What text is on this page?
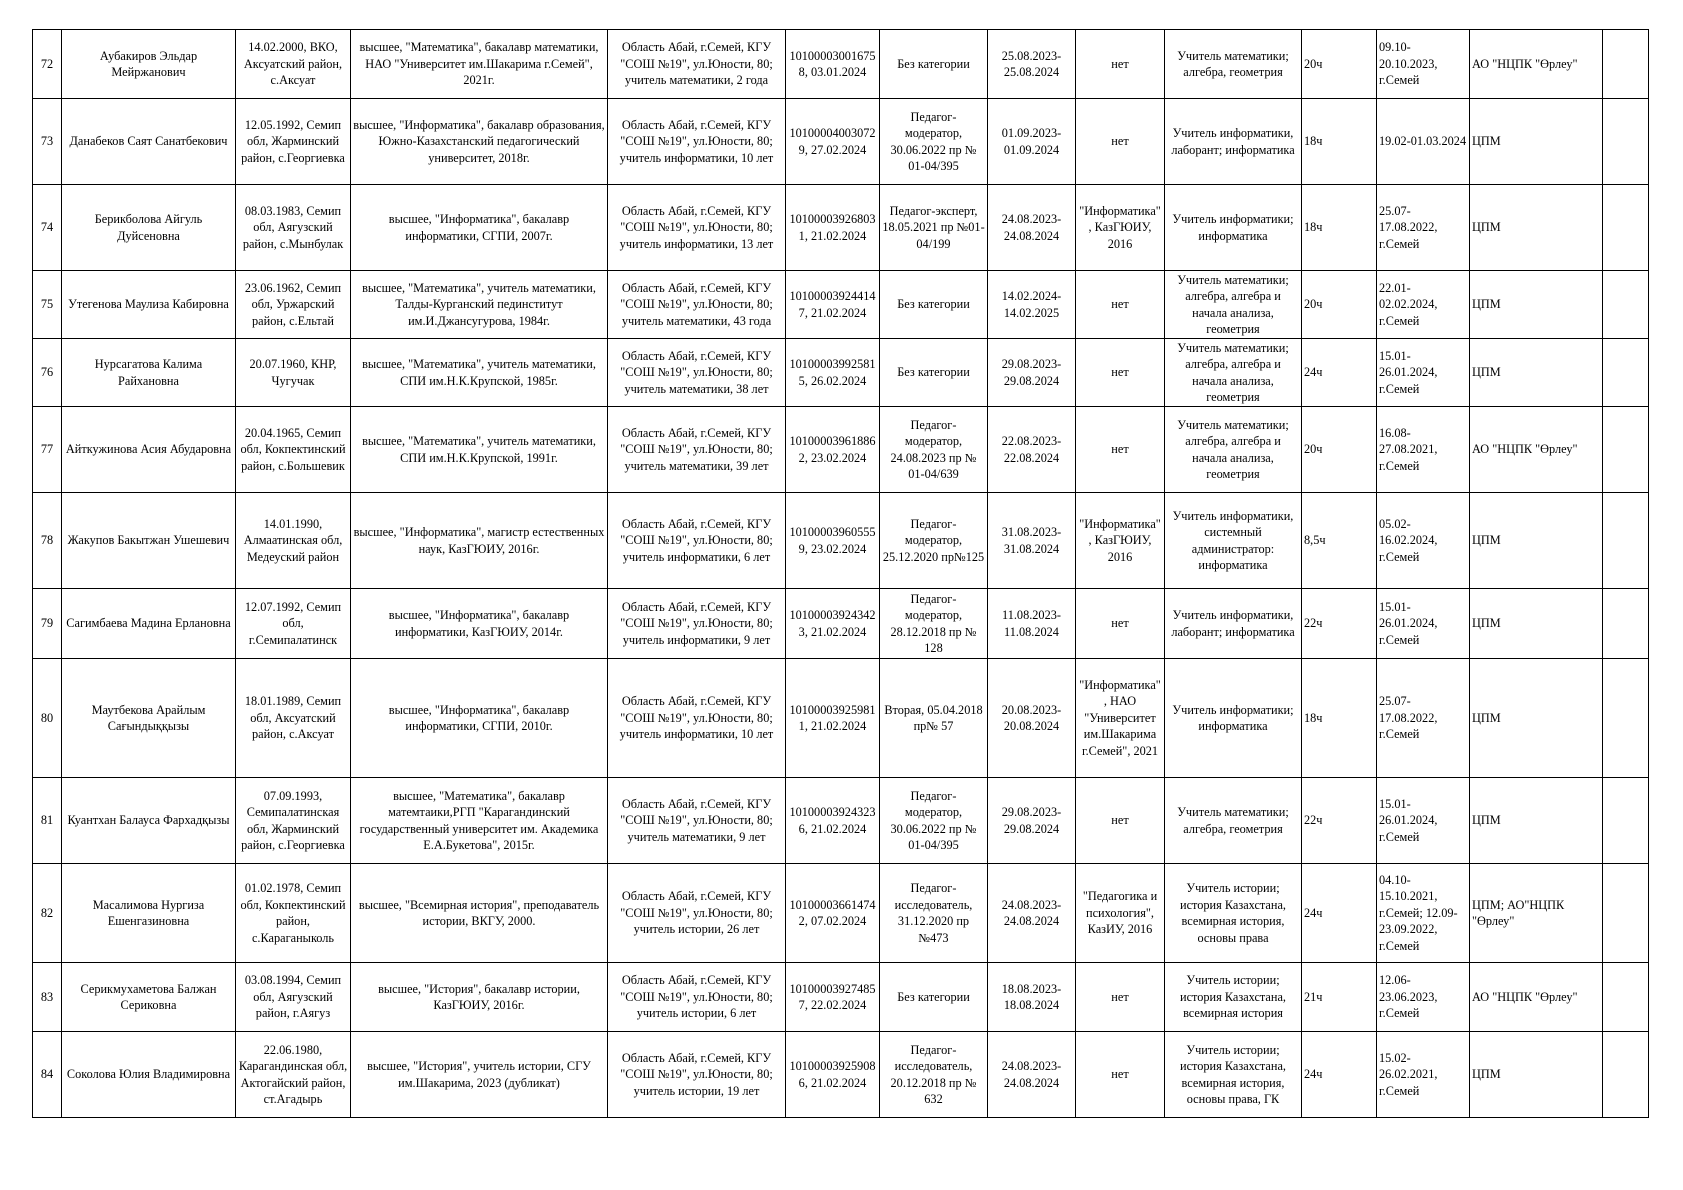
72	Аубакиров Эльдар Мейржанович	14.02.2000, ВКО, Аксуатский район, с.Аксуат	высшее, "Математика", бакалавр математики, НАО "Университет им.Шакарима г.Семей", 2021г.	Область Абай, г.Семей, КГУ "СОШ №19", ул.Юности, 80; учитель математики, 2 года	101000030016758, 03.01.2024	Без категории	25.08.2023-25.08.2024	нет	Учитель математики; алгебра, геометрия	20ч	09.10-20.10.2023, г.Семей	АО "НЦПК "Өрлеу"	
73	Данабеков Саят Санатбекович	12.05.1992, Семип обл, Жарминский район, с.Георгиевка	высшее, "Информатика", бакалавр образования, Южно-Казахстанский педагогический университет, 2018г.	Область Абай, г.Семей, КГУ "СОШ №19", ул.Юности, 80; учитель информатики, 10 лет	101000040030729, 27.02.2024	Педагог-модератор, 30.06.2022 пр № 01-04/395	01.09.2023-01.09.2024	нет	Учитель информатики, лаборант; информатика	18ч	19.02-01.03.2024	ЦПМ	
74	Берикболова Айгуль Дуйсеновна	08.03.1983, Семип обл, Аягузский район, с.Мынбулак	высшее, "Информатика", бакалавр информатики, СГПИ, 2007г.	Область Абай, г.Семей, КГУ "СОШ №19", ул.Юности, 80; учитель информатики, 13 лет	101000039268031, 21.02.2024	Педагог-эксперт, 18.05.2021 пр №01-04/199	24.08.2023-24.08.2024	"Информатика", КазГЮИУ, 2016	Учитель информатики; информатика	18ч	25.07-17.08.2022, г.Семей	ЦПМ	
75	Утегенова Маулиза Кабировна	23.06.1962, Семип обл, Уржарский район, с.Ельтай	высшее, "Математика", учитель математики, Талды-Курганский пединститут им.И.Джансугурова, 1984г.	Область Абай, г.Семей, КГУ "СОШ №19", ул.Юности, 80; учитель математики, 43 года	101000039244147, 21.02.2024	Без категории	14.02.2024-14.02.2025	нет	Учитель математики; алгебра, алгебра и начала анализа, геометрия	20ч	22.01-02.02.2024, г.Семей	ЦПМ	
76	Нурсагатова Калима Райхановна	20.07.1960, КНР, Чугучак	высшее, "Математика", учитель математики, СПИ им.Н.К.Крупской, 1985г.	Область Абай, г.Семей, КГУ "СОШ №19", ул.Юности, 80; учитель математики, 38 лет	101000039925815, 26.02.2024	Без категории	29.08.2023-29.08.2024	нет	Учитель математики; алгебра, алгебра и начала анализа, геометрия	24ч	15.01-26.01.2024, г.Семей	ЦПМ	
77	Айткужинова Асия Абударовна	20.04.1965, Семип обл, Кокпектинский район, с.Большевик	высшее, "Математика", учитель математики, СПИ им.Н.К.Крупской, 1991г.	Область Абай, г.Семей, КГУ "СОШ №19", ул.Юности, 80; учитель математики, 39 лет	101000039618862, 23.02.2024	Педагог-модератор, 24.08.2023 пр № 01-04/639	22.08.2023-22.08.2024	нет	Учитель математики; алгебра, алгебра и начала анализа, геометрия	20ч	16.08-27.08.2021, г.Семей	АО "НЦПК "Өрлеу"	
78	Жакупов Бакытжан Ушешевич	14.01.1990, Алмаатинская обл, Медеуский район	высшее, "Информатика", магистр естественных наук, КазГЮИУ, 2016г.	Область Абай, г.Семей, КГУ "СОШ №19", ул.Юности, 80; учитель информатики, 6 лет	101000039605559, 23.02.2024	Педагог-модератор, 25.12.2020 пр№125	31.08.2023-31.08.2024	"Информатика", КазГЮИУ, 2016	Учитель информатики, системный администратор: информатика	8,5ч	05.02-16.02.2024, г.Семей	ЦПМ	
79	Сагимбаева Мадина Ерлановна	12.07.1992, Семип обл, г.Семипалатинск	высшее, "Информатика", бакалавр информатики, КазГЮИУ, 2014г.	Область Абай, г.Семей, КГУ "СОШ №19", ул.Юности, 80; учитель информатики, 9 лет	101000039243423, 21.02.2024	Педагог-модератор, 28.12.2018 пр № 128	11.08.2023-11.08.2024	нет	Учитель информатики, лаборант; информатика	22ч	15.01-26.01.2024, г.Семей	ЦПМ	
80	Маутбекова Арайлым Сағындыққызы	18.01.1989, Семип обл, Аксуатский район, с.Аксуат	высшее, "Информатика", бакалавр информатики, СГПИ, 2010г.	Область Абай, г.Семей, КГУ "СОШ №19", ул.Юности, 80; учитель информатики, 10 лет	101000039259811, 21.02.2024	Вторая, 05.04.2018 пр№ 57	20.08.2023-20.08.2024	"Информатика", НАО "Университет им.Шакарима г.Семей", 2021	Учитель информатики; информатика	18ч	25.07-17.08.2022, г.Семей	ЦПМ	
81	Куантхан Балауса Фархадқызы	07.09.1993, Семипалатинская обл, Жарминский район, с.Георгиевка	высшее, "Математика", бакалавр матемтаики,РГП "Карагандинский государственный университет им. Академика Е.А.Букетова", 2015г.	Область Абай, г.Семей, КГУ "СОШ №19", ул.Юности, 80; учитель математики, 9 лет	101000039243236, 21.02.2024	Педагог-модератор, 30.06.2022 пр № 01-04/395	29.08.2023-29.08.2024	нет	Учитель математики; алгебра, геометрия	22ч	15.01-26.01.2024, г.Семей	ЦПМ	
82	Масалимова Нургиза Ешенгазиновна	01.02.1978, Семип обл, Кокпектинский район, с.Караганыколь	высшее, "Всемирная история", преподаватель истории, ВКГУ, 2000.	Область Абай, г.Семей, КГУ "СОШ №19", ул.Юности, 80; учитель истории, 26 лет	101000036614742, 07.02.2024	Педагог-исследователь, 31.12.2020 пр №473	24.08.2023-24.08.2024	"Педагогика и психология", КазИУ, 2016	Учитель истории; история Казахстана, всемирная история, основы права	24ч	04.10-15.10.2021, г.Семей; 12.09-23.09.2022, г.Семей	ЦПМ; АО"НЦПК "Өрлеу"	
83	Серикмухаметова Балжан Сериковна	03.08.1994, Семип обл, Аягузский район, г.Аягуз	высшее, "История", бакалавр истории, КазГЮИУ, 2016г.	Область Абай, г.Семей, КГУ "СОШ №19", ул.Юности, 80; учитель истории, 6 лет	101000039274857, 22.02.2024	Без категории	18.08.2023-18.08.2024	нет	Учитель истории; история Казахстана, всемирная история	21ч	12.06-23.06.2023, г.Семей	АО "НЦПК "Өрлеу"	
84	Соколова Юлия Владимировна	22.06.1980, Карагандинская обл, Актогайский район, ст.Агадырь	высшее, "История", учитель истории, СГУ им.Шакарима, 2023 (дубликат)	Область Абай, г.Семей, КГУ "СОШ №19", ул.Юности, 80; учитель истории, 19 лет	101000039259086, 21.02.2024	Педагог-исследователь, 20.12.2018 пр № 632	24.08.2023-24.08.2024	нет	Учитель истории; история Казахстана, всемирная история, основы права, ГК	24ч	15.02-26.02.2021, г.Семей	ЦПМ	
